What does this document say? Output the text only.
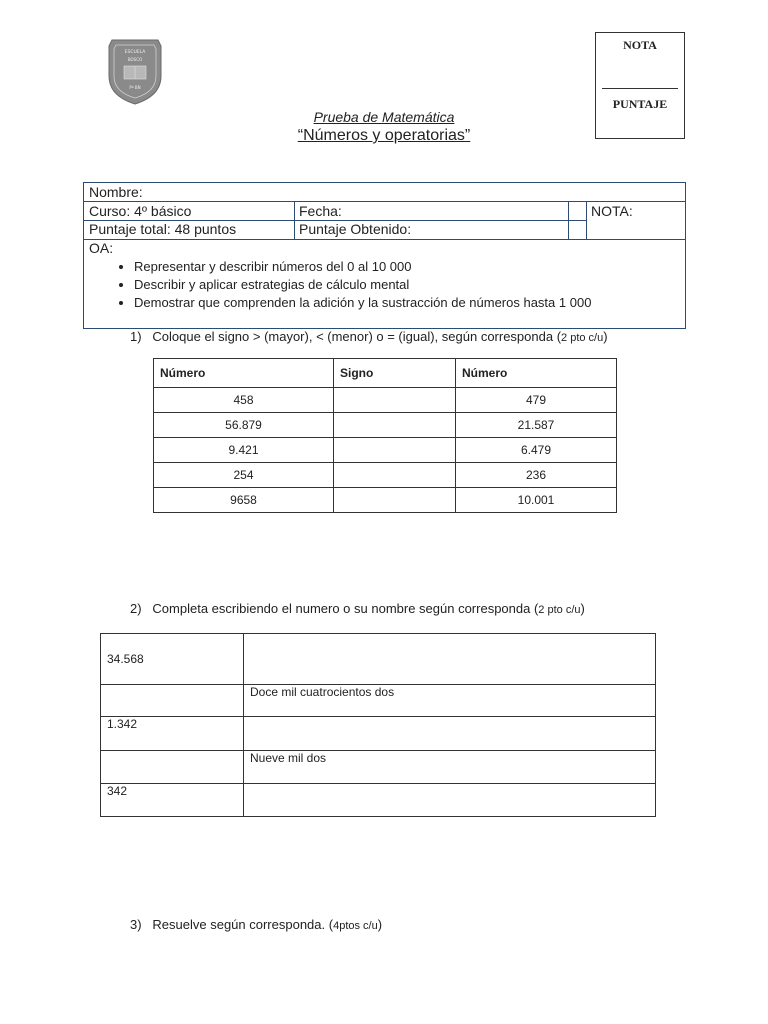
ESCUELA
BOSCO
Pº BN
NOTA
PUNTAJE
Prueba de Matemática
“Números y operatorias”
Nombre:
Curso: 4º básico	Fecha:	NOTA:
Puntaje total: 48 puntos	Puntaje Obtenido:
OA:
• Representar y describir números del 0 al 10 000
• Describir y aplicar estrategias de cálculo mental
• Demostrar que comprenden la adición y la sustracción de números hasta 1 000
1) Coloque el signo > (mayor), < (menor) o = (igual), según corresponda (2 pto c/u)
Número	Signo	Número
458		479
56.879		21.587
9.421		6.479
254		236
9658		10.001
2) Completa escribiendo el numero o su nombre según corresponda (2 pto c/u)
34.568	
	Doce mil cuatrocientos dos
1.342	
	Nueve mil dos
342	
3) Resuelve según corresponda. (4ptos c/u)
